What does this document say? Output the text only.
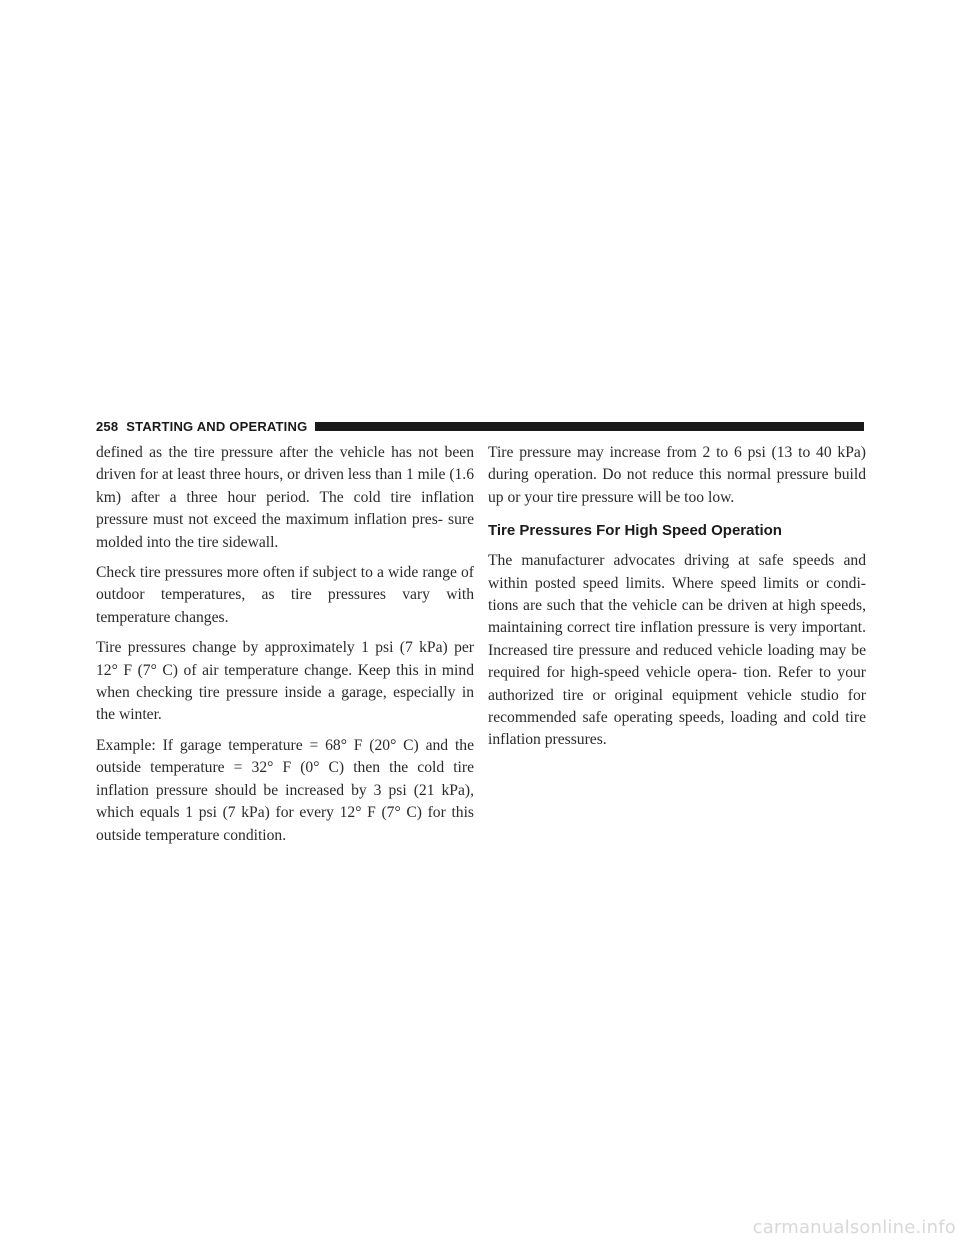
258 STARTING AND OPERATING

defined as the tire pressure after the vehicle has not been driven for at least three hours, or driven less than 1 mile (1.6 km) after a three hour period. The cold tire inflation pressure must not exceed the maximum inflation pres- sure molded into the tire sidewall.

Check tire pressures more often if subject to a wide range of outdoor temperatures, as tire pressures vary with temperature changes.

Tire pressures change by approximately 1 psi (7 kPa) per 12° F (7° C) of air temperature change. Keep this in mind when checking tire pressure inside a garage, especially in the winter.

Example: If garage temperature = 68° F (20° C) and the outside temperature = 32° F (0° C) then the cold tire inflation pressure should be increased by 3 psi (21 kPa), which equals 1 psi (7 kPa) for every 12° F (7° C) for this outside temperature condition.

Tire pressure may increase from 2 to 6 psi (13 to 40 kPa) during operation. Do not reduce this normal pressure build up or your tire pressure will be too low.

Tire Pressures For High Speed Operation

The manufacturer advocates driving at safe speeds and within posted speed limits. Where speed limits or condi- tions are such that the vehicle can be driven at high speeds, maintaining correct tire inflation pressure is very important. Increased tire pressure and reduced vehicle loading may be required for high-speed vehicle opera- tion. Refer to your authorized tire or original equipment vehicle studio for recommended safe operating speeds, loading and cold tire inflation pressures.

carmanualsonline.info
